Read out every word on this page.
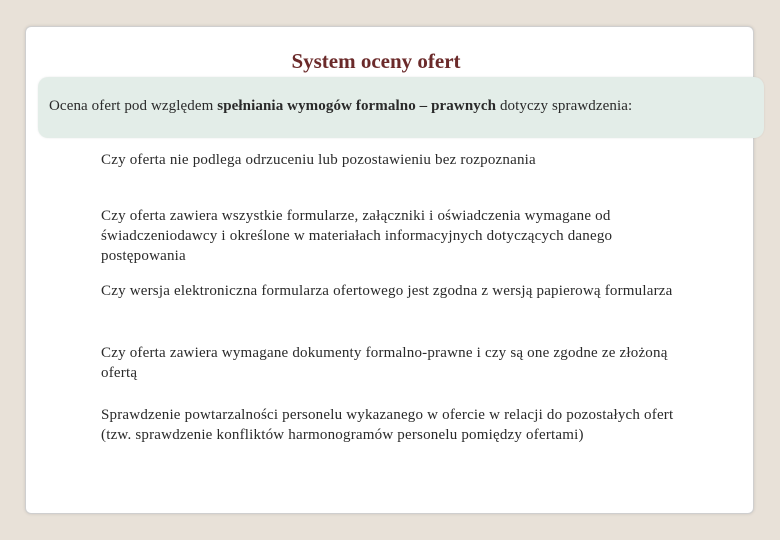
System oceny ofert
Ocena ofert pod względem spełniania wymogów formalno – prawnych dotyczy sprawdzenia:
Czy oferta nie podlega odrzuceniu lub pozostawieniu bez rozpoznania
Czy oferta zawiera wszystkie formularze, załączniki i oświadczenia wymagane od świadczeniodawcy i określone w materiałach informacyjnych dotyczących danego postępowania
Czy wersja elektroniczna formularza ofertowego jest zgodna z wersją papierową formularza
Czy oferta zawiera wymagane dokumenty formalno-prawne i czy są one zgodne ze złożoną ofertą
Sprawdzenie powtarzalności personelu wykazanego w ofercie w relacji do pozostałych ofert (tzw. sprawdzenie konfliktów harmonogramów personelu pomiędzy ofertami)
